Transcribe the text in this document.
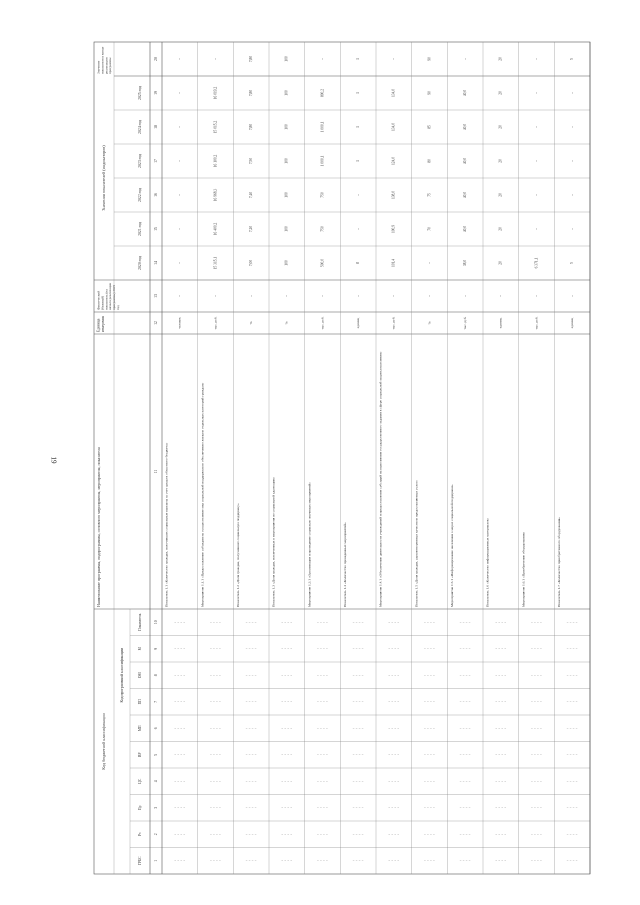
19
Код бюджетной классификации
Код программной классификации
Значения показателей (индикаторов)
Наименование программы, подпрограммы, основного мероприятия, мероприятия, показателя
Единица измерения
Фактический (базовый) показатель (на начало реализации программы) 2019 год
Значение показателя в конце реализации программы
ГРБС
Рз
Пр
ЦС
ВР
МП
ПП
ОМ
М
Показатель
2020 год
2021 год
2022 год
2023 год
2024 год
2025 год
1
2
3
4
5
6
7
8
9
10
11
12
13
14
15
16
17
18
19
20
Показатель 1.1 «Количество граждан, получивших социальные выплаты за счет средств областного бюджета»
человек
–
–
–
–
–
–
–
–
Мероприятие 1.1.1 «Предоставление субсидии на осуществление мер социальной поддержки по обеспечению жильем отдельных категорий граждан»
тыс. руб.
–
15 315,1
16 400,2
16 968,3
16 100,2
15 015,2
16 019,2
–
Показатель 1.2 «Доля граждан, получивших социальную поддержку»
%
–
7,00
7,20
7,40
7,50
7,80
7,80
7,80
Показатель 1.3 «Доля граждан, вовлеченных в мероприятия по социальной адаптации»
%
–
100
100
100
100
100
100
100
Мероприятие 1.3.1 «Организация и проведение социально значимых мероприятий»
тыс. руб.
–
500,0
750
750
1 000,1
1 000,1
800,2
–
Показатель 1.4 «Количество проведенных мероприятий»
единиц
–
8
–
–
1
1
1
1
Мероприятие 1.4.1 «Обеспечение деятельности учреждений и предоставление субсидий на выполнение государственного задания в сфере социальной защиты населения»
тыс. руб.
–
101,4
100,9
138,0
124,0
134,0
134,0
–
Показатель 1.5 «Доля граждан, удовлетворенных качеством предоставляемых услуг»
%
–
–
70
75
80
85
90
90
Мероприятие 1.5.1 «Информирование населения о мерах социальной поддержки»
тыс. руб.
–
38,0
40,0
40,0
40,0
40,0
40,0
–
Показатель 1.6 «Количество информационных материалов»
единиц
–
20
20
20
20
20
20
20
Мероприятие 1.6.1 «Приобретение оборудования»
тыс. руб.
–
6 371,1
–
–
–
–
–
–
Показатель 1.7 «Количество приобретенного оборудования»
единиц
–
5
–
–
–
–
–
5
